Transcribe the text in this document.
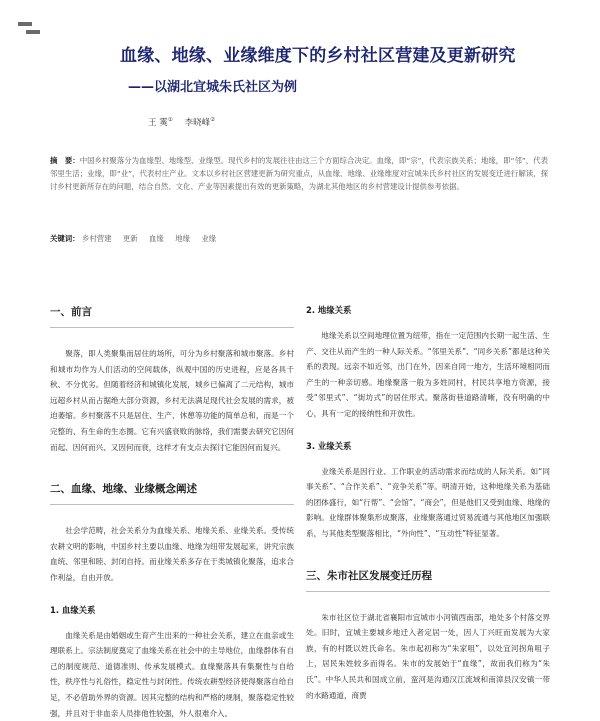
血缘、地缘、业缘维度下的乡村社区营建及更新研究
——以湖北宜城朱氏社区为例
王 霙① 李晓峰②
摘　要：中国乡村聚落分为血缘型、地缘型、业缘型。现代乡村的发展往往由这三个方面综合决定。血缘，即“宗”，代表宗族关系；地缘，即“邻”，代表邻里生活；业缘，即“业”，代表村庄产业。文本以乡村社区营建更新为研究重点，从血缘、地缘、业缘维度对宜城朱氏乡村社区的发展变迁进行解读，探讨乡村更新所存在的问题，结合自然、文化、产业等因素提出有效的更新策略，为湖北其他地区的乡村营建设计提供参考依据。
关键词： 乡村营建 更新 血缘 地缘 业缘
一、前言

聚落，即人类聚集而居住的场所，可分为乡村聚落和城市聚落。乡村和城市均作为人们活动的空间载体，纵观中国的历史进程，应是各具千秋、不分优劣。但随着经济和城镇化发展，城乡已偏离了二元结构，城市远超乡村从而占据绝大部分资源，乡村无法满足现代社会发展的需求，被迫萎缩。乡村聚落不只是居住、生产、休憩等功能的简单总和，而是一个完整的、有生命的生态圈。它有兴盛衰败的脉络，我们需要去研究它因何而起、因何而兴、又因何而衰，这样才有支点去探讨它能因何而复兴。

二、血缘、地缘、业缘概念阐述

社会学范畴，社会关系分为血缘关系、地缘关系、业缘关系。受传统农耕文明的影响，中国乡村主要以血缘、地缘为纽带发展起来，讲究宗族血统、邻里和睦、封闭自持。而业缘关系多存在于类城镇化聚落，追求合作利益，自由开放。

1. 血缘关系

血缘关系是由婚姻或生育产生出来的一种社会关系，建立在血亲或生理联系上。宗法制度奠定了血缘关系在社会中的主导地位，血缘群体有自己的制度规范、道德准则、传承发展模式。血缘聚落具有集聚性与自给性，秩序性与礼俗性，稳定性与封闭性。传统农耕型经济使得聚落自给自足，不必借助外界的资源。因其完整的结构和严格的规制，聚落稳定性较强，并且对于非血亲人员排他性较强，外人很难介入。

2. 地缘关系

地缘关系以空间地理位置为纽带，指在一定范围内长期一起生活、生产、交往从而产生的一种人际关系。“邻里关系”、“同乡关系”都是这种关系的表现。远亲不如近邻，出门在外，因来自同一地方，生活环境相同而产生的一种亲切感。地缘聚落一般为多姓同村，村民共享地方资源，接受“邻里式”、“街坊式”的居住形式。聚落街巷道路清晰，没有明确的中心，具有一定的接纳性和开放性。

3. 业缘关系

业缘关系是因行业、工作职业的活动需求而结成的人际关系。如“同事关系”、“合作关系”、“竞争关系”等。明清开始，这种地缘关系为基础的团体盛行，如“行帮”、“会馆”、“商会”，但是他们又受到血缘、地缘的影响。业缘群体聚集形成聚落，业缘聚落通过贸易流通与其他地区加强联系，与其他类型聚落相比，“外向性”、“互动性”特征显著。

三、朱市社区发展变迁历程

朱市社区位于湖北省襄阳市宜城市小河镇西南部，地处多个村落交界处。旧时，宜城主要城乡地迁入者定居一处，因人丁兴旺而发展为大家族，有的村既以姓氏命名。朱市起初称为“朱家咀”，以处宜河拐角咀子上，居民朱姓较多而得名。朱市的发展始于“血缘”，故而我们称为“朱氏”。中华人民共和国成立前，蛮河是沟通汉江流域和南漳县汉安镇一带的水路通道，商贾
